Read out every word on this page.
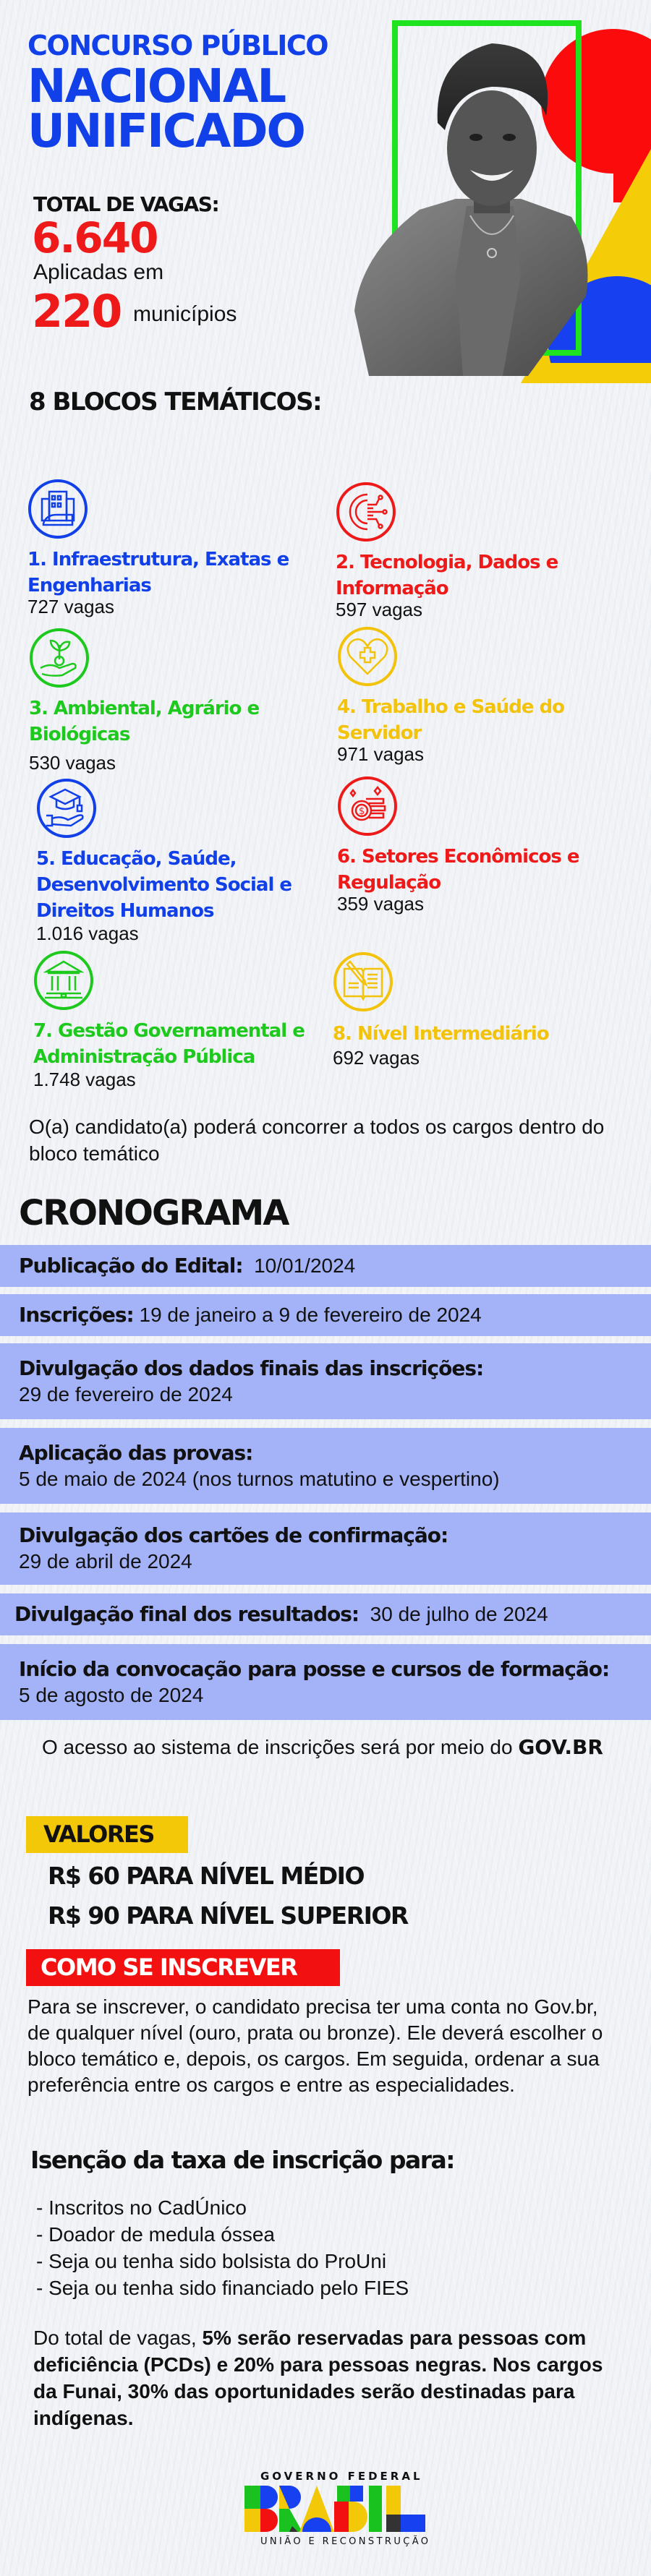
CONCURSO PÚBLICO
NACIONAL
UNIFICADO
TOTAL DE VAGAS:
6.640
Aplicadas em
220 municípios
8 BLOCOS TEMÁTICOS:
1. Infraestrutura, Exatas e Engenharias
727 vagas
2. Tecnologia, Dados e Informação
597 vagas
3. Ambiental, Agrário e Biológicas
530 vagas
4. Trabalho e Saúde do Servidor
971 vagas
5. Educação, Saúde, Desenvolvimento Social e Direitos Humanos
1.016 vagas
$
6. Setores Econômicos e Regulação
359 vagas
7. Gestão Governamental e Administração Pública
1.748 vagas
8. Nível Intermediário
692 vagas
O(a) candidato(a) poderá concorrer a todos os cargos dentro do bloco temático
CRONOGRAMA
Publicação do Edital: 10/01/2024
Inscrições: 19 de janeiro a 9 de fevereiro de 2024
Divulgação dos dados finais das inscrições:
29 de fevereiro de 2024
Aplicação das provas:
5 de maio de 2024 (nos turnos matutino e vespertino)
Divulgação dos cartões de confirmação:
29 de abril de 2024
Divulgação final dos resultados: 30 de julho de 2024
Início da convocação para posse e cursos de formação:
5 de agosto de 2024
O acesso ao sistema de inscrições será por meio do GOV.BR
VALORES
R$ 60 PARA NÍVEL MÉDIO
R$ 90 PARA NÍVEL SUPERIOR
COMO SE INSCREVER
Para se inscrever, o candidato precisa ter uma conta no Gov.br, de qualquer nível (ouro, prata ou bronze). Ele deverá escolher o bloco temático e, depois, os cargos. Em seguida, ordenar a sua preferência entre os cargos e entre as especialidades.
Isenção da taxa de inscrição para:
- Inscritos no CadÚnico
- Doador de medula óssea
- Seja ou tenha sido bolsista do ProUni
- Seja ou tenha sido financiado pelo FIES
Do total de vagas, 5% serão reservadas para pessoas com deficiência (PCDs) e 20% para pessoas negras. Nos cargos da Funai, 30% das oportunidades serão destinadas para indígenas.
GOVERNO FEDERAL
UNIÃO E RECONSTRUÇÃO
